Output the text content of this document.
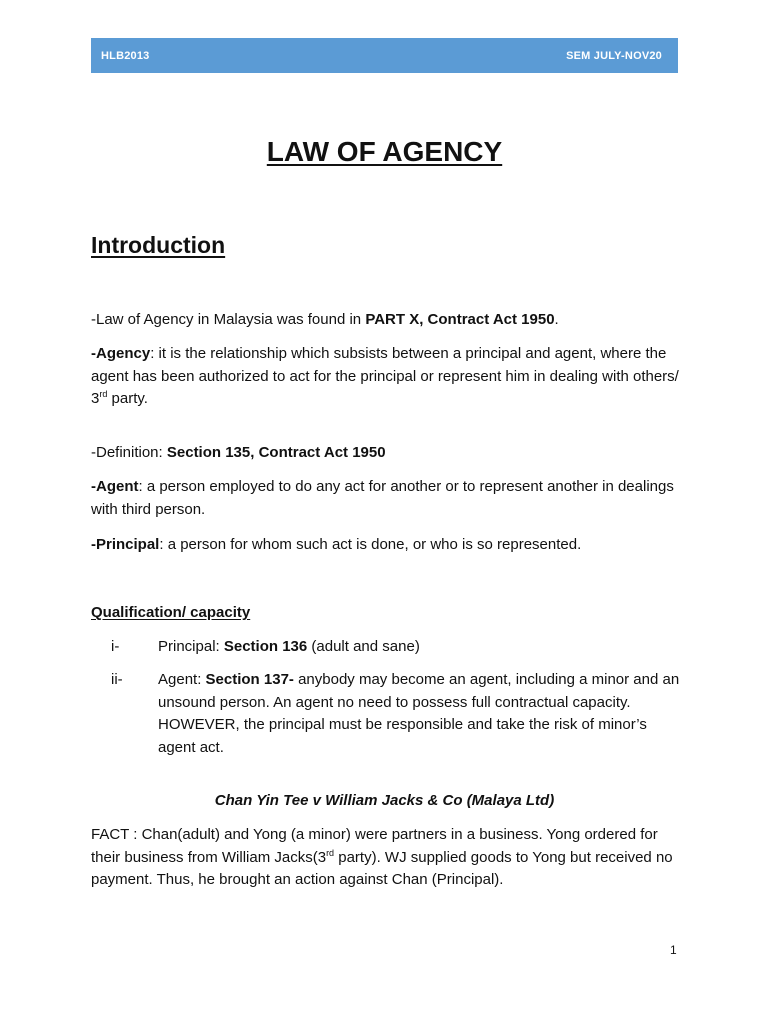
HLB2013	SEM JULY-NOV20
LAW OF AGENCY
Introduction
-Law of Agency in Malaysia was found in PART X, Contract Act 1950.
-Agency: it is the relationship which subsists between a principal and agent, where the agent has been authorized to act for the principal or represent him in dealing with others/ 3rd party.
-Definition: Section 135, Contract Act 1950
-Agent: a person employed to do any act for another or to represent another in dealings with third person.
-Principal: a person for whom such act is done, or who is so represented.
Qualification/ capacity
i-	Principal: Section 136 (adult and sane)
ii- Agent: Section 137- anybody may become an agent, including a minor and an unsound person. An agent no need to possess full contractual capacity. HOWEVER, the principal must be responsible and take the risk of minor’s agent act.
Chan Yin Tee v William Jacks & Co (Malaya Ltd)
FACT : Chan(adult) and Yong (a minor) were partners in a business. Yong ordered for their business from William Jacks(3rd party). WJ supplied goods to Yong but received no payment. Thus, he brought an action against Chan (Principal).
1
